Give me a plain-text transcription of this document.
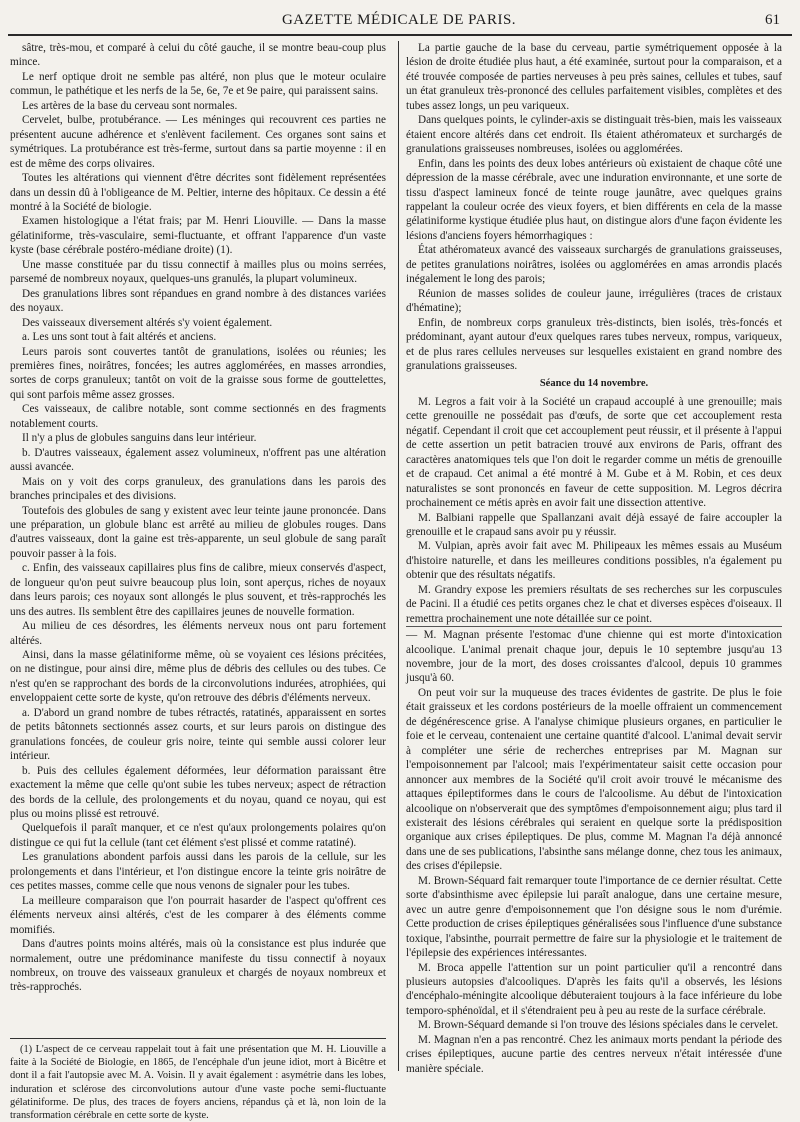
GAZETTE MÉDICALE DE PARIS.	61

sâtre, très-mou, et comparé à celui du côté gauche, il se montre beau-coup plus mince.

Le nerf optique droit ne semble pas altéré, non plus que le moteur oculaire commun, le pathétique et les nerfs de la 5e, 6e, 7e et 9e paire, qui paraissent sains.

Les artères de la base du cerveau sont normales.

Cervelet, bulbe, protubérance. — Les méninges qui recouvrent ces parties ne présentent aucune adhérence et s'enlèvent facilement. Ces organes sont sains et symétriques. La protubérance est très-ferme, surtout dans sa partie moyenne : il en est de même des corps olivaires.

Toutes les altérations qui viennent d'être décrites sont fidèlement représentées dans un dessin dû à l'obligeance de M. Peltier, interne des hôpitaux. Ce dessin a été montré à la Société de biologie.

Examen histologique a l'état frais; par M. Henri Liouville. — Dans la masse gélatiniforme, très-vasculaire, semi-fluctuante, et offrant l'apparence d'un vaste kyste (base cérébrale postéro-médiane droite) (1).

Une masse constituée par du tissu connectif à mailles plus ou moins serrées, parsemé de nombreux noyaux, quelques-uns granulés, la plupart volumineux.

Des granulations libres sont répandues en grand nombre à des distances variées des noyaux.

Des vaisseaux diversement altérés s'y voient également.

a. Les uns sont tout à fait altérés et anciens.

Leurs parois sont couvertes tantôt de granulations, isolées ou réunies; les premières fines, noirâtres, foncées; les autres agglomérées, en masses arrondies, sortes de corps granuleux; tantôt on voit de la graisse sous forme de gouttelettes, qui sont parfois même assez grosses.

Ces vaisseaux, de calibre notable, sont comme sectionnés en des fragments notablement courts.

Il n'y a plus de globules sanguins dans leur intérieur.

b. D'autres vaisseaux, également assez volumineux, n'offrent pas une altération aussi avancée.

Mais on y voit des corps granuleux, des granulations dans les parois des branches principales et des divisions.

Toutefois des globules de sang y existent avec leur teinte jaune prononcée. Dans une préparation, un globule blanc est arrêté au milieu de globules rouges. Dans d'autres vaisseaux, dont la gaine est très-apparente, un seul globule de sang paraît pouvoir passer à la fois.

c. Enfin, des vaisseaux capillaires plus fins de calibre, mieux conservés d'aspect, de longueur qu'on peut suivre beaucoup plus loin, sont aperçus, riches de noyaux dans leurs parois; ces noyaux sont allongés le plus souvent, et très-rapprochés les uns des autres. Ils semblent être des capillaires jeunes de nouvelle formation.

Au milieu de ces désordres, les éléments nerveux nous ont paru fortement altérés.

Ainsi, dans la masse gélatiniforme même, où se voyaient ces lésions précitées, on ne distingue, pour ainsi dire, même plus de débris des cellules ou des tubes. Ce n'est qu'en se rapprochant des bords de la circonvolutions indurées, atrophiées, qui enveloppaient cette sorte de kyste, qu'on retrouve des débris d'éléments nerveux.

a. D'abord un grand nombre de tubes rétractés, ratatinés, apparaissent en sortes de petits bâtonnets sectionnés assez courts, et sur leurs parois on distingue des granulations foncées, de couleur gris noire, teinte qui semble aussi colorer leur intérieur.

b. Puis des cellules également déformées, leur déformation paraissant être exactement la même que celle qu'ont subie les tubes nerveux; aspect de rétraction des bords de la cellule, des prolongements et du noyau, quand ce noyau, qui est plus ou moins plissé est retrouvé.

Quelquefois il paraît manquer, et ce n'est qu'aux prolongements polaires qu'on distingue ce qui fut la cellule (tant cet élément s'est plissé et comme ratatiné).

Les granulations abondent parfois aussi dans les parois de la cellule, sur les prolongements et dans l'intérieur, et l'on distingue encore la teinte gris noirâtre de ces petites masses, comme celle que nous venons de signaler pour les tubes.

La meilleure comparaison que l'on pourrait hasarder de l'aspect qu'offrent ces éléments nerveux ainsi altérés, c'est de les comparer à des éléments comme momifiés.

Dans d'autres points moins altérés, mais où la consistance est plus indurée que normalement, outre une prédominance manifeste du tissu connectif à noyaux nombreux, on trouve des vaisseaux granuleux et chargés de noyaux nombreux et très-rapprochés.

La partie gauche de la base du cerveau, partie symétriquement opposée à la lésion de droite étudiée plus haut, a été examinée, surtout pour la comparaison, et a été trouvée composée de parties nerveuses à peu près saines, cellules et tubes, sauf un état granuleux très-prononcé des cellules parfaitement visibles, complètes et des tubes assez longs, un peu variqueux.

Dans quelques points, le cylinder-axis se distinguait très-bien, mais les vaisseaux étaient encore altérés dans cet endroit. Ils étaient athéromateux et surchargés de granulations graisseuses nombreuses, isolées ou agglomérées.

Enfin, dans les points des deux lobes antérieurs où existaient de chaque côté une dépression de la masse cérébrale, avec une induration environnante, et une sorte de tissu d'aspect lamineux foncé de teinte rouge jaunâtre, avec quelques grains rappelant la couleur ocrée des vieux foyers, et bien différents en cela de la masse gélatiniforme kystique étudiée plus haut, on distingue alors d'une façon évidente les lésions d'anciens foyers hémorrhagiques :

État athéromateux avancé des vaisseaux surchargés de granulations graisseuses, de petites granulations noirâtres, isolées ou agglomérées en amas arrondis placés inégalement le long des parois;

Réunion de masses solides de couleur jaune, irrégulières (traces de cristaux d'hématine);

Enfin, de nombreux corps granuleux très-distincts, bien isolés, très-foncés et prédominant, ayant autour d'eux quelques rares tubes nerveux, rompus, variqueux, et de plus rares cellules nerveuses sur lesquelles existaient en grand nombre des granulations graisseuses.

Séance du 14 novembre.

M. Legros a fait voir à la Société un crapaud accouplé à une grenouille; mais cette grenouille ne possédait pas d'œufs, de sorte que cet accouplement resta négatif. Cependant il croit que cet accouplement peut réussir, et il présente à l'appui de cette assertion un petit batracien trouvé aux environs de Paris, offrant des caractères anatomiques tels que l'on doit le regarder comme un métis de grenouille et de crapaud. Cet animal a été montré à M. Gube et à M. Robin, et ces deux naturalistes se sont prononcés en faveur de cette supposition. M. Legros décrira prochainement ce métis après en avoir fait une dissection attentive.

M. Balbiani rappelle que Spallanzani avait déjà essayé de faire accoupler la grenouille et le crapaud sans avoir pu y réussir.

M. Vulpian, après avoir fait avec M. Philipeaux les mêmes essais au Muséum d'histoire naturelle, et dans les meilleures conditions possibles, n'a également pu obtenir que des résultats négatifs.

M. Grandry expose les premiers résultats de ses recherches sur les corpuscules de Pacini. Il a étudié ces petits organes chez le chat et diverses espèces d'oiseaux. Il remettra prochainement une note détaillée sur ce point.

— M. Magnan présente l'estomac d'une chienne qui est morte d'intoxication alcoolique. L'animal prenait chaque jour, depuis le 10 septembre jusqu'au 13 novembre, jour de la mort, des doses croissantes d'alcool, depuis 10 grammes jusqu'à 60.

On peut voir sur la muqueuse des traces évidentes de gastrite. De plus le foie était graisseux et les cordons postérieurs de la moelle offraient un commencement de dégénérescence grise. A l'analyse chimique plusieurs organes, en particulier le foie et le cerveau, contenaient une certaine quantité d'alcool. L'animal devait servir à compléter une série de recherches entreprises par M. Magnan sur l'empoisonnement par l'alcool; mais l'expérimentateur saisit cette occasion pour annoncer aux membres de la Société qu'il croit avoir trouvé le mécanisme des attaques épileptiformes dans le cours de l'alcoolisme. Au début de l'intoxication alcoolique on n'observerait que des symptômes d'empoisonnement aigu; plus tard il existerait des lésions cérébrales qui seraient en quelque sorte la prédisposition organique aux crises épileptiques. De plus, comme M. Magnan l'a déjà annoncé dans une de ses publications, l'absinthe sans mélange donne, chez tous les animaux, des crises d'épilepsie.

M. Brown-Séquard fait remarquer toute l'importance de ce dernier résultat. Cette sorte d'absinthisme avec épilepsie lui paraît analogue, dans une certaine mesure, avec un autre genre d'empoisonnement que l'on désigne sous le nom d'urémie. Cette production de crises épileptiques généralisées sous l'influence d'une substance toxique, l'absinthe, pourrait permettre de faire sur la physiologie et le traitement de l'épilepsie des expériences intéressantes.

M. Broca appelle l'attention sur un point particulier qu'il a rencontré dans plusieurs autopsies d'alcooliques. D'après les faits qu'il a observés, les lésions d'encéphalo-méningite alcoolique débuteraient toujours à la face inférieure du lobe temporo-sphénoïdal, et il s'étendraient peu à peu au reste de la surface cérébrale.

M. Brown-Séquard demande si l'on trouve des lésions spéciales dans le cervelet.

M. Magnan n'en a pas rencontré. Chez les animaux morts pendant la période des crises épileptiques, aucune partie des centres nerveux n'était intéressée d'une manière spéciale.

(1) L'aspect de ce cerveau rappelait tout à fait une présentation que M. H. Liouville a faite à la Société de Biologie, en 1865, de l'encéphale d'un jeune idiot, mort à Bicêtre et dont il a fait l'autopsie avec M. A. Voisin. Il y avait également : asymétrie dans les lobes, induration et sclérose des circonvolutions autour d'une vaste poche semi-fluctuante gélatiniforme. De plus, des traces de foyers anciens, répandus çà et là, non loin de la transformation cérébrale en cette sorte de kyste.
